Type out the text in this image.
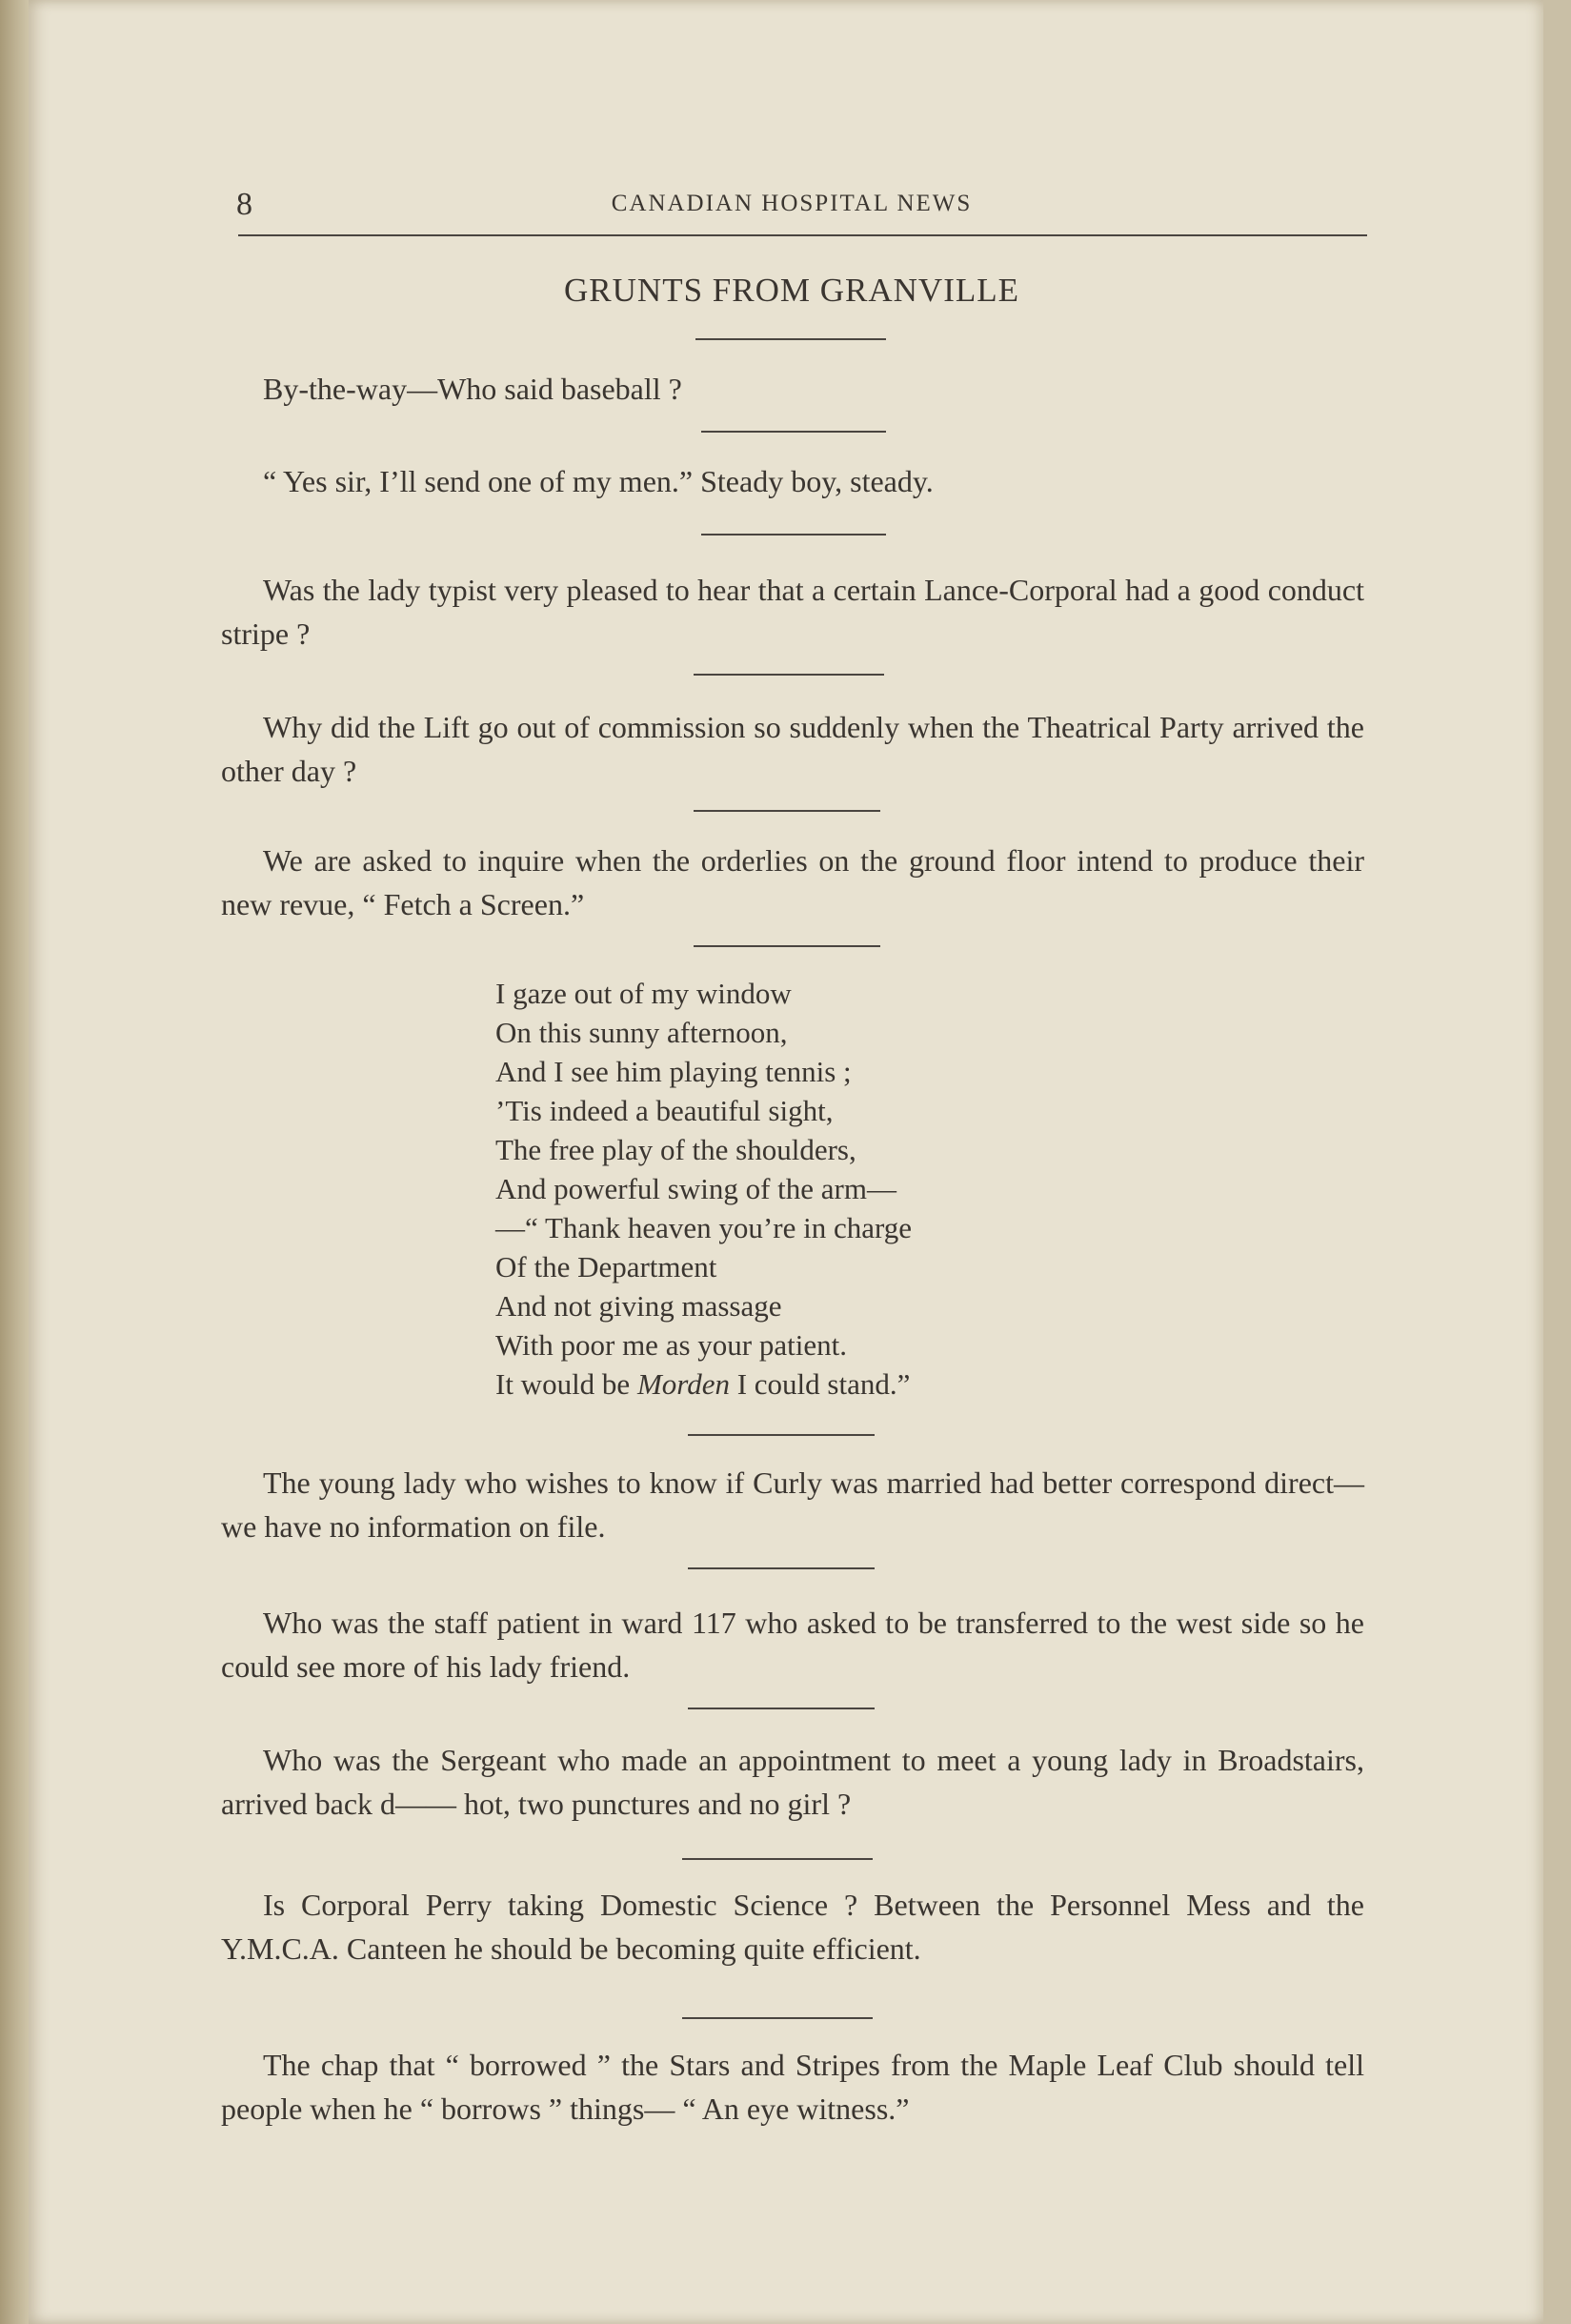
8	CANADIAN HOSPITAL NEWS
GRUNTS FROM GRANVILLE
By-the-way—Who said baseball ?
“ Yes sir, I’ll send one of my men.” Steady boy, steady.
Was the lady typist very pleased to hear that a certain Lance-Corporal had a good conduct stripe ?
Why did the Lift go out of commission so suddenly when the Theatrical Party arrived the other day ?
We are asked to inquire when the orderlies on the ground floor intend to produce their new revue, “ Fetch a Screen.”
I gaze out of my window
On this sunny afternoon,
And I see him playing tennis ;
’Tis indeed a beautiful sight,
The free play of the shoulders,
And powerful swing of the arm—
—“ Thank heaven you’re in charge
Of the Department
And not giving massage
With poor me as your patient.
It would be Morden I could stand.”
The young lady who wishes to know if Curly was married had better correspond direct—we have no information on file.
Who was the staff patient in ward 117 who asked to be transferred to the west side so he could see more of his lady friend.
Who was the Sergeant who made an appointment to meet a young lady in Broadstairs, arrived back d—— hot, two punctures and no girl ?
Is Corporal Perry taking Domestic Science ? Between the Personnel Mess and the Y.M.C.A. Canteen he should be becoming quite efficient.
The chap that “ borrowed ” the Stars and Stripes from the Maple Leaf Club should tell people when he “ borrows ” things— “ An eye witness.”
